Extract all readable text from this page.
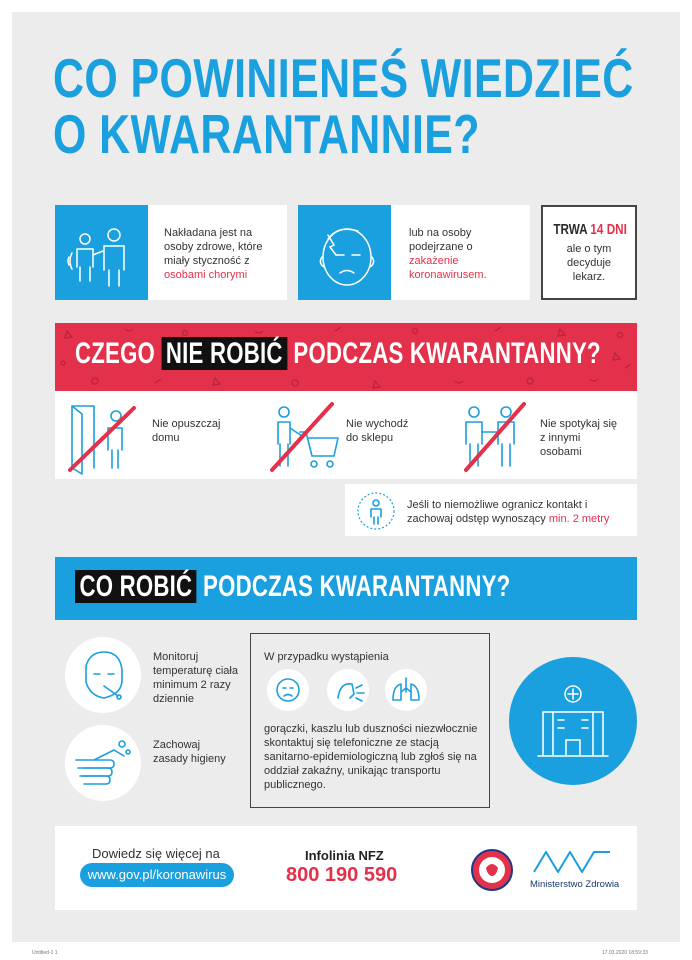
CO POWINIENEŚ WIEDZIEĆ
O KWARANTANNIE?
Nakładana jest na osoby zdrowe, które miały styczność z osobami chorymi
lub na osoby podejrzane o zakażenie koronawirusem.
TRWA 14 DNI
ale o tym decyduje lekarz.
CZEGO NIE ROBIĆ PODCZAS KWARANTANNY?
Nie opuszczaj domu
Nie wychodź do sklepu
Nie spotykaj się z innymi osobami
Jeśli to niemożliwe ogranicz kontakt i zachowaj odstęp wynoszący min. 2 metry
CO ROBIĆ PODCZAS KWARANTANNY?
Monitoruj temperaturę ciała minimum 2 razy dziennie
Zachowaj zasady higieny
W przypadku wystąpienia
gorączki, kaszlu lub duszności niezwłocznie skontaktuj się telefoniczne ze stacją sanitarno-epidemiologiczną lub zgłoś się na oddział zakaźny, unikając transportu publicznego.
Dowiedz się więcej na
www.gov.pl/koronawirus
Infolinia NFZ
800 190 590	Ministerstwo Zdrowia
Untitled-1 1	17.03.2020 18:59:33
